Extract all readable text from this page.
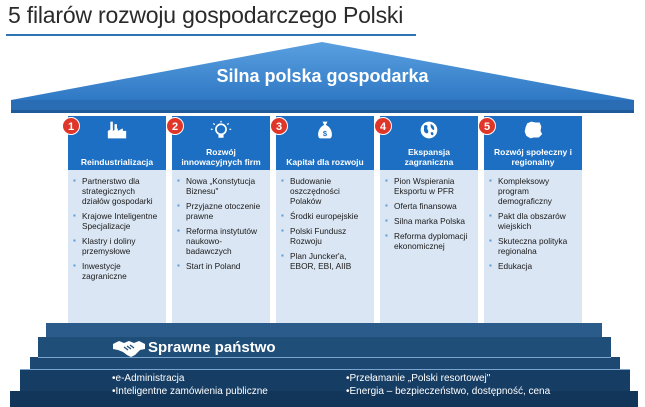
5 filarów rozwoju gospodarczego Polski
Silna polska gospodarka
Reindustrializacja
▪ Partnerstwo dla strategicznych działów gospodarki
▪ Krajowe Inteligentne Specjalizacje
▪ Klastry i doliny przemysłowe
▪ Inwestycje zagraniczne
Rozwój innowacyjnych firm
▪ Nowa „Konstytucja Biznesu"
▪ Przyjazne otoczenie prawne
▪ Reforma instytutów naukowo-badawczych
▪ Start in Poland
$
Kapitał dla rozwoju
▪ Budowanie oszczędności Polaków
▪ Środki europejskie
▪ Polski Fundusz Rozwoju
▪ Plan Juncker'a, EBOR, EBI, AIIB
Ekspansja zagraniczna
▪ Pion Wspierania Eksportu w PFR
▪ Oferta finansowa
▪ Silna marka Polska
▪ Reforma dyplomacji ekonomicznej
Rozwój społeczny i regionalny
▪ Kompleksowy program demograficzny
▪ Pakt dla obszarów wiejskich
▪ Skuteczna polityka regionalna
▪ Edukacja
1	2	3	4	5
Sprawne państwo
•e-Administracja
•Inteligentne zamówienia publiczne
•Przełamanie „Polski resortowej"
•Energia – bezpieczeństwo, dostępność, cena
